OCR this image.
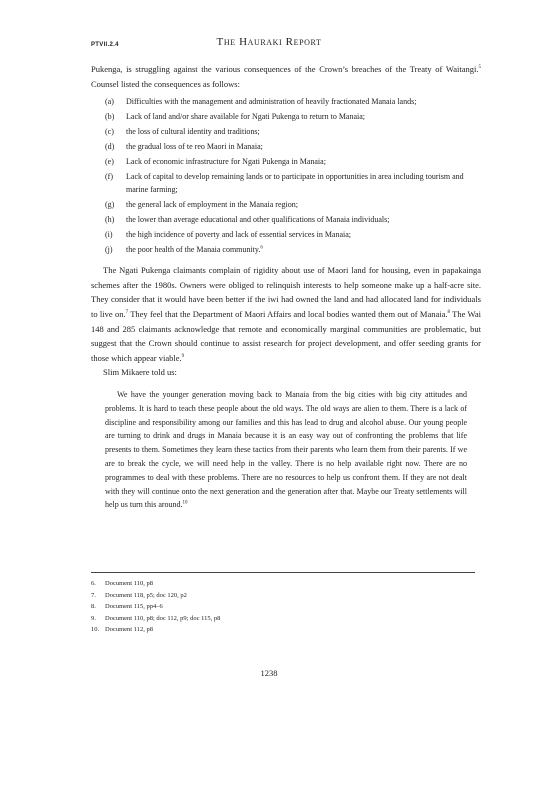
PTVII.2.4	The Hauraki Report

Pukenga, is struggling against the various consequences of the Crown’s breaches of the Treaty of Waitangi.$^5$ Counsel listed the consequences as follows:

(a)	Difficulties with the management and administration of heavily fractionated Manaia lands;
(b)	Lack of land and/or share available for Ngati Pukenga to return to Manaia;
(c)	the loss of cultural identity and traditions;
(d)	the gradual loss of te reo Maori in Manaia;
(e)	Lack of economic infrastructure for Ngati Pukenga in Manaia;
(f)	Lack of capital to develop remaining lands or to participate in opportunities in area including tourism and marine farming;
(g)	the general lack of employment in the Manaia region;
(h)	the lower than average educational and other qualifications of Manaia individuals;
(i)	the high incidence of poverty and lack of essential services in Manaia;
(j)	the poor health of the Manaia community.$^6$

The Ngati Pukenga claimants complain of rigidity about use of Maori land for housing, even in papakainga schemes after the 1980s. Owners were obliged to relinquish interests to help someone make up a half-acre site. They consider that it would have been better if the iwi had owned the land and had allocated land for individuals to live on.$^7$ They feel that the Department of Maori Affairs and local bodies wanted them out of Manaia.$^8$ The Wai 148 and 285 claimants acknowledge that remote and economically marginal communities are problematic, but suggest that the Crown should continue to assist research for project development, and offer seeding grants for those which appear viable.$^9$

Slim Mikaere told us:

We have the younger generation moving back to Manaia from the big cities with big city attitudes and problems. It is hard to teach these people about the old ways. The old ways are alien to them. There is a lack of discipline and responsibility among our families and this has lead to drug and alcohol abuse. Our young people are turning to drink and drugs in Manaia because it is an easy way out of confronting the problems that life presents to them. Sometimes they learn these tactics from their parents who learn them from their parents. If we are to break the cycle, we will need help in the valley. There is no help available right now. There are no programmes to deal with these problems. There are no resources to help us confront them. If they are not dealt with they will continue onto the next generation and the generation after that. Maybe our Treaty settlements will help us turn this around.$^{10}$

6.	Document 110, p8
7.	Document 118, p5; doc 120, p2
8.	Document 115, pp4–6
9.	Document 110, p8; doc 112, p9; doc 115, p8
10. Document 112, p8
1238
